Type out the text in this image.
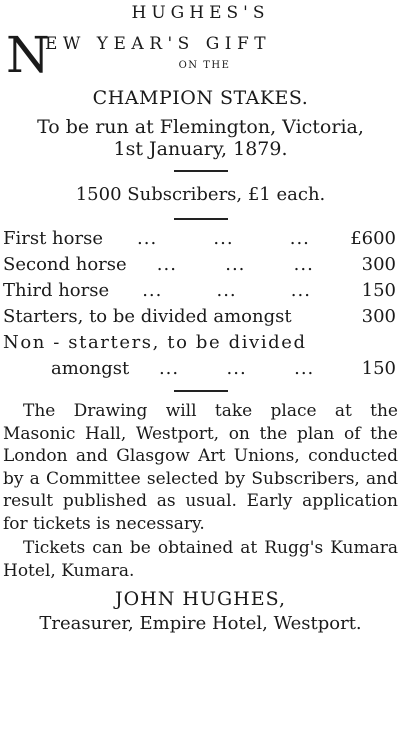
HUGHES'S
N
EW YEAR'S GIFT
ON THE
CHAMPION STAKES.
To be run at Flemington, Victoria,
1st January, 1879.
1500 Subscribers, £1 each.
First horse ...	...	...	£600
Second horse ...	...	...	300
Third horse ...	...	...	150
Starters, to be divided amongst	300
Non - starters, to be divided
amongst ...	...	...	150

The Drawing will take place at the Masonic Hall, Westport, on the plan of the London and Glasgow Art Unions, conducted by a Committee selected by Subscribers, and result published as usual. Early application for tickets is necessary.

Tickets can be obtained at Rugg's Kumara Hotel, Kumara.

JOHN HUGHES,
Treasurer, Empire Hotel, Westport.
